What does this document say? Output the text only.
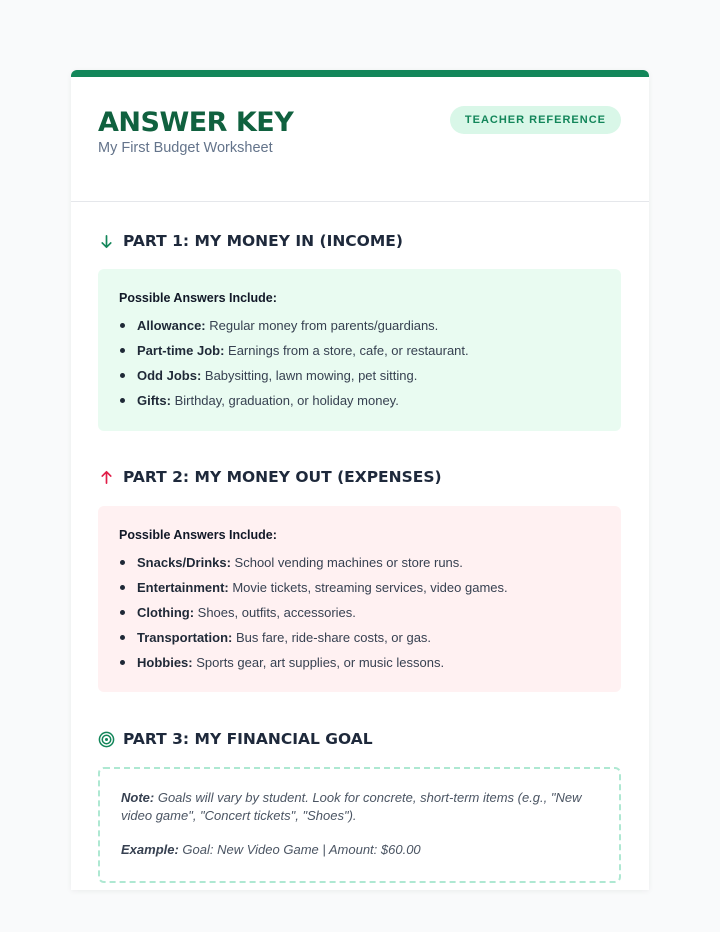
ANSWER KEY
My First Budget Worksheet
TEACHER REFERENCE
PART 1: MY MONEY IN (INCOME)
Possible Answers Include:
Allowance: Regular money from parents/guardians.
Part-time Job: Earnings from a store, cafe, or restaurant.
Odd Jobs: Babysitting, lawn mowing, pet sitting.
Gifts: Birthday, graduation, or holiday money.
PART 2: MY MONEY OUT (EXPENSES)
Possible Answers Include:
Snacks/Drinks: School vending machines or store runs.
Entertainment: Movie tickets, streaming services, video games.
Clothing: Shoes, outfits, accessories.
Transportation: Bus fare, ride-share costs, or gas.
Hobbies: Sports gear, art supplies, or music lessons.
PART 3: MY FINANCIAL GOAL

Note: Goals will vary by student. Look for concrete, short-term items (e.g., "New video game", "Concert tickets", "Shoes").

Example: Goal: New Video Game | Amount: $60.00
